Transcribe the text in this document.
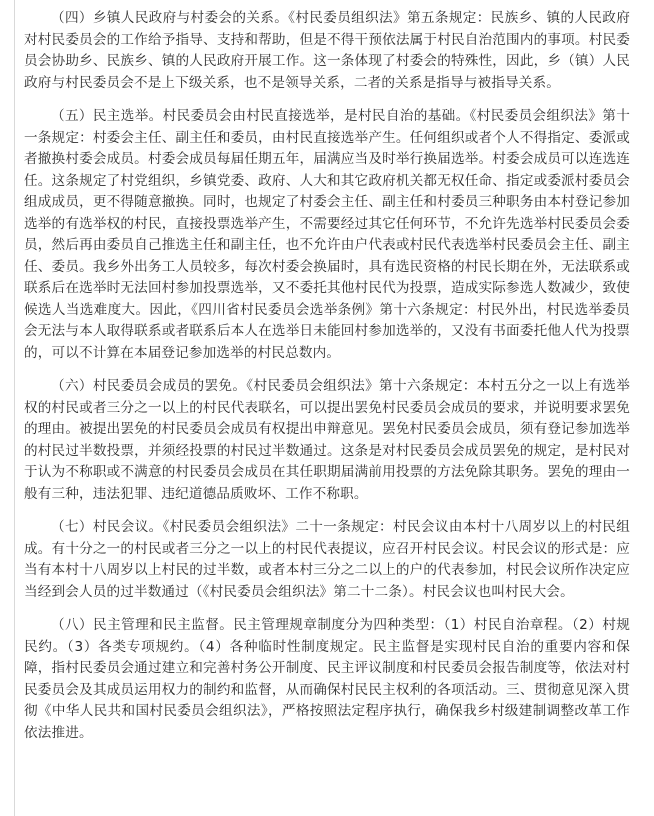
（四）乡镇人民政府与村委会的关系。《村民委员组织法》第五条规定：民族乡、镇的人民政府对村民委员会的工作给予指导、支持和帮助，但是不得干预依法属于村民自治范围内的事项。村民委员会协助乡、民族乡、镇的人民政府开展工作。这一条体现了村委会的特殊性，因此，乡（镇）人民政府与村民委员会不是上下级关系，也不是领导关系，二者的关系是指导与被指导关系。

（五）民主选举。村民委员会由村民直接选举，是村民自治的基础。《村民委员会组织法》第十一条规定：村委会主任、副主任和委员，由村民直接选举产生。任何组织或者个人不得指定、委派或者撤换村委会成员。村委会成员每届任期五年，届满应当及时举行换届选举。村委会成员可以连选连任。这条规定了村党组织，乡镇党委、政府、人大和其它政府机关都无权任命、指定或委派村委员会组成成员，更不得随意撤换。同时，也规定了村委会主任、副主任和村委员三种职务由本村登记参加选举的有选举权的村民，直接投票选举产生，不需要经过其它任何环节，不允许先选举村民委员会委员，然后再由委员自己推选主任和副主任，也不允许由户代表或村民代表选举村民委员会主任、副主任、委员。我乡外出务工人员较多，每次村委会换届时，具有选民资格的村民长期在外，无法联系或联系后在选举时无法回村参加投票选举，又不委托其他村民代为投票，造成实际参选人数减少，致使候选人当选难度大。因此，《四川省村民委员会选举条例》第十六条规定：村民外出，村民选举委员会无法与本人取得联系或者联系后本人在选举日未能回村参加选举的，又没有书面委托他人代为投票的，可以不计算在本届登记参加选举的村民总数内。

（六）村民委员会成员的罢免。《村民委员会组织法》第十六条规定：本村五分之一以上有选举权的村民或者三分之一以上的村民代表联名，可以提出罢免村民委员会成员的要求，并说明要求罢免的理由。被提出罢免的村民委员会成员有权提出申辩意见。罢免村民委员会成员，须有登记参加选举的村民过半数投票，并须经投票的村民过半数通过。这条是对村民委员会成员罢免的规定，是村民对于认为不称职或不满意的村民委员会成员在其任职期届满前用投票的方法免除其职务。罢免的理由一般有三种，违法犯罪、违纪道德品质败坏、工作不称职。

（七）村民会议。《村民委员会组织法》二十一条规定：村民会议由本村十八周岁以上的村民组成。有十分之一的村民或者三分之一以上的村民代表提议，应召开村民会议。村民会议的形式是：应当有本村十八周岁以上村民的过半数，或者本村三分之二以上的户的代表参加，村民会议所作决定应当经到会人员的过半数通过（《村民委员会组织法》第二十二条）。村民会议也叫村民大会。

（八）民主管理和民主监督。民主管理规章制度分为四种类型：（1）村民自治章程。（2）村规民约。（3）各类专项规约。（4）各种临时性制度规定。民主监督是实现村民自治的重要内容和保障，指村民委员会通过建立和完善村务公开制度、民主评议制度和村民委员会报告制度等，依法对村民委员会及其成员运用权力的制约和监督，从而确保村民民主权利的各项活动。三、贯彻意见深入贯彻《中华人民共和国村民委员会组织法》，严格按照法定程序执行，确保我乡村级建制调整改革工作依法推进。
